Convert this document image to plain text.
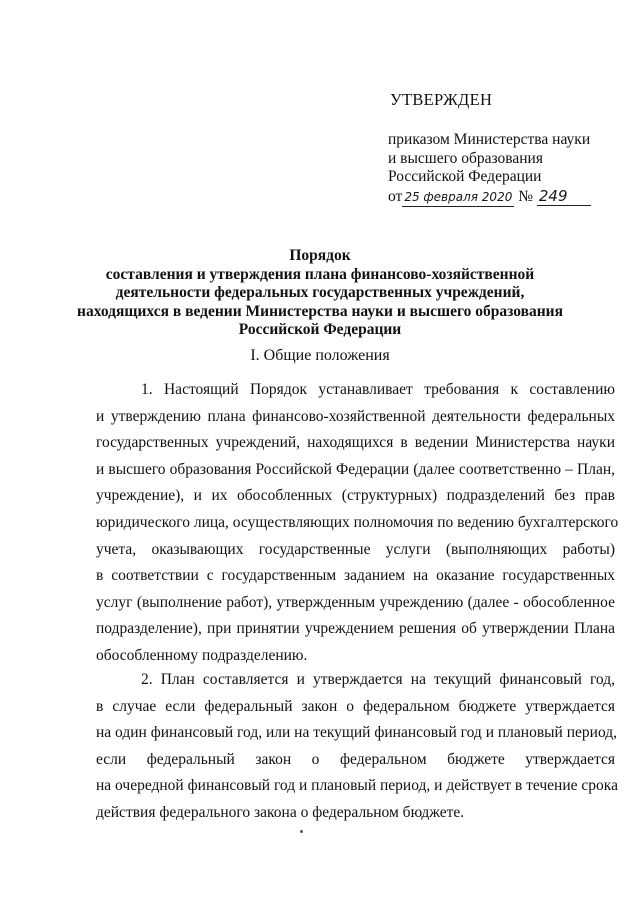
УТВЕРЖДЕН
приказом Министерства науки
и высшего образования
Российской Федерации
от 25 февраля 2020 № 249
Порядок
составления и утверждения плана финансово-хозяйственной
деятельности федеральных государственных учреждений,
находящихся в ведении Министерства науки и высшего образования
Российской Федерации
I. Общие положения
1. Настоящий Порядок устанавливает требования к составлению
и утверждению плана финансово-хозяйственной деятельности федеральных
государственных учреждений, находящихся в ведении Министерства науки
и высшего образования Российской Федерации (далее соответственно – План,
учреждение), и их обособленных (структурных) подразделений без прав
юридического лица, осуществляющих полномочия по ведению бухгалтерского
учета, оказывающих государственные услуги (выполняющих работы)
в соответствии с государственным заданием на оказание государственных
услуг (выполнение работ), утвержденным учреждению (далее - обособленное
подразделение), при принятии учреждением решения об утверждении Плана
обособленному подразделению.
2. План составляется и утверждается на текущий финансовый год,
в случае если федеральный закон о федеральном бюджете утверждается
на один финансовый год, или на текущий финансовый год и плановый период,
если федеральный закон о федеральном бюджете утверждается
на очередной финансовый год и плановый период, и действует в течение срока
действия федерального закона о федеральном бюджете.
